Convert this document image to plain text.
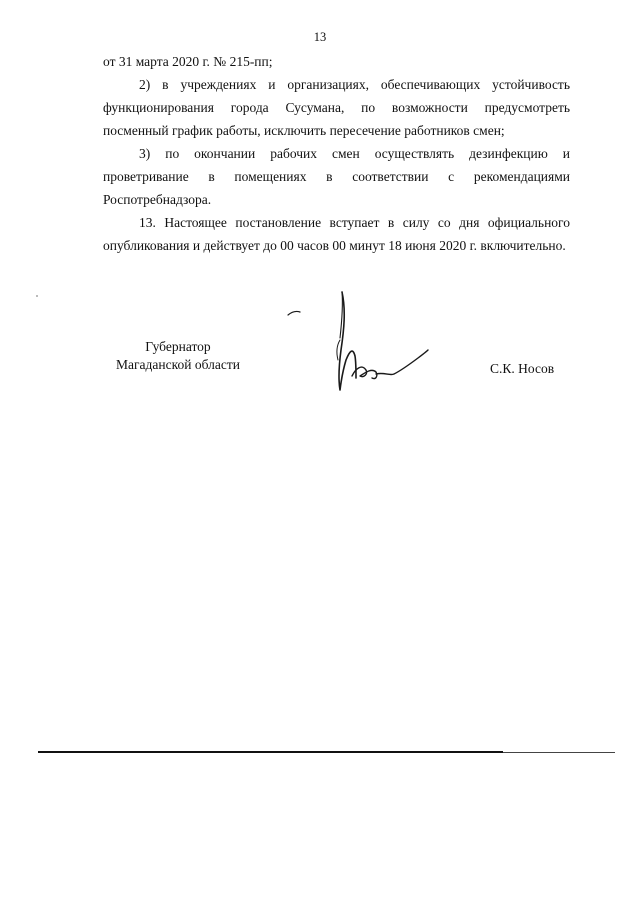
13

от 31 марта 2020 г. № 215-пп;

2) в учреждениях и организациях, обеспечивающих устойчивость функционирования города Сусумана, по возможности предусмотреть посменный график работы, исключить пересечение работников смен;

3) по окончании рабочих смен осуществлять дезинфекцию и проветривание в помещениях в соответствии с рекомендациями Роспотребнадзора.

13. Настоящее постановление вступает в силу со дня официального опубликования и действует до 00 часов 00 минут 18 июня 2020 г. включительно.

Губернатор
Магаданской области	С.К. Носов
